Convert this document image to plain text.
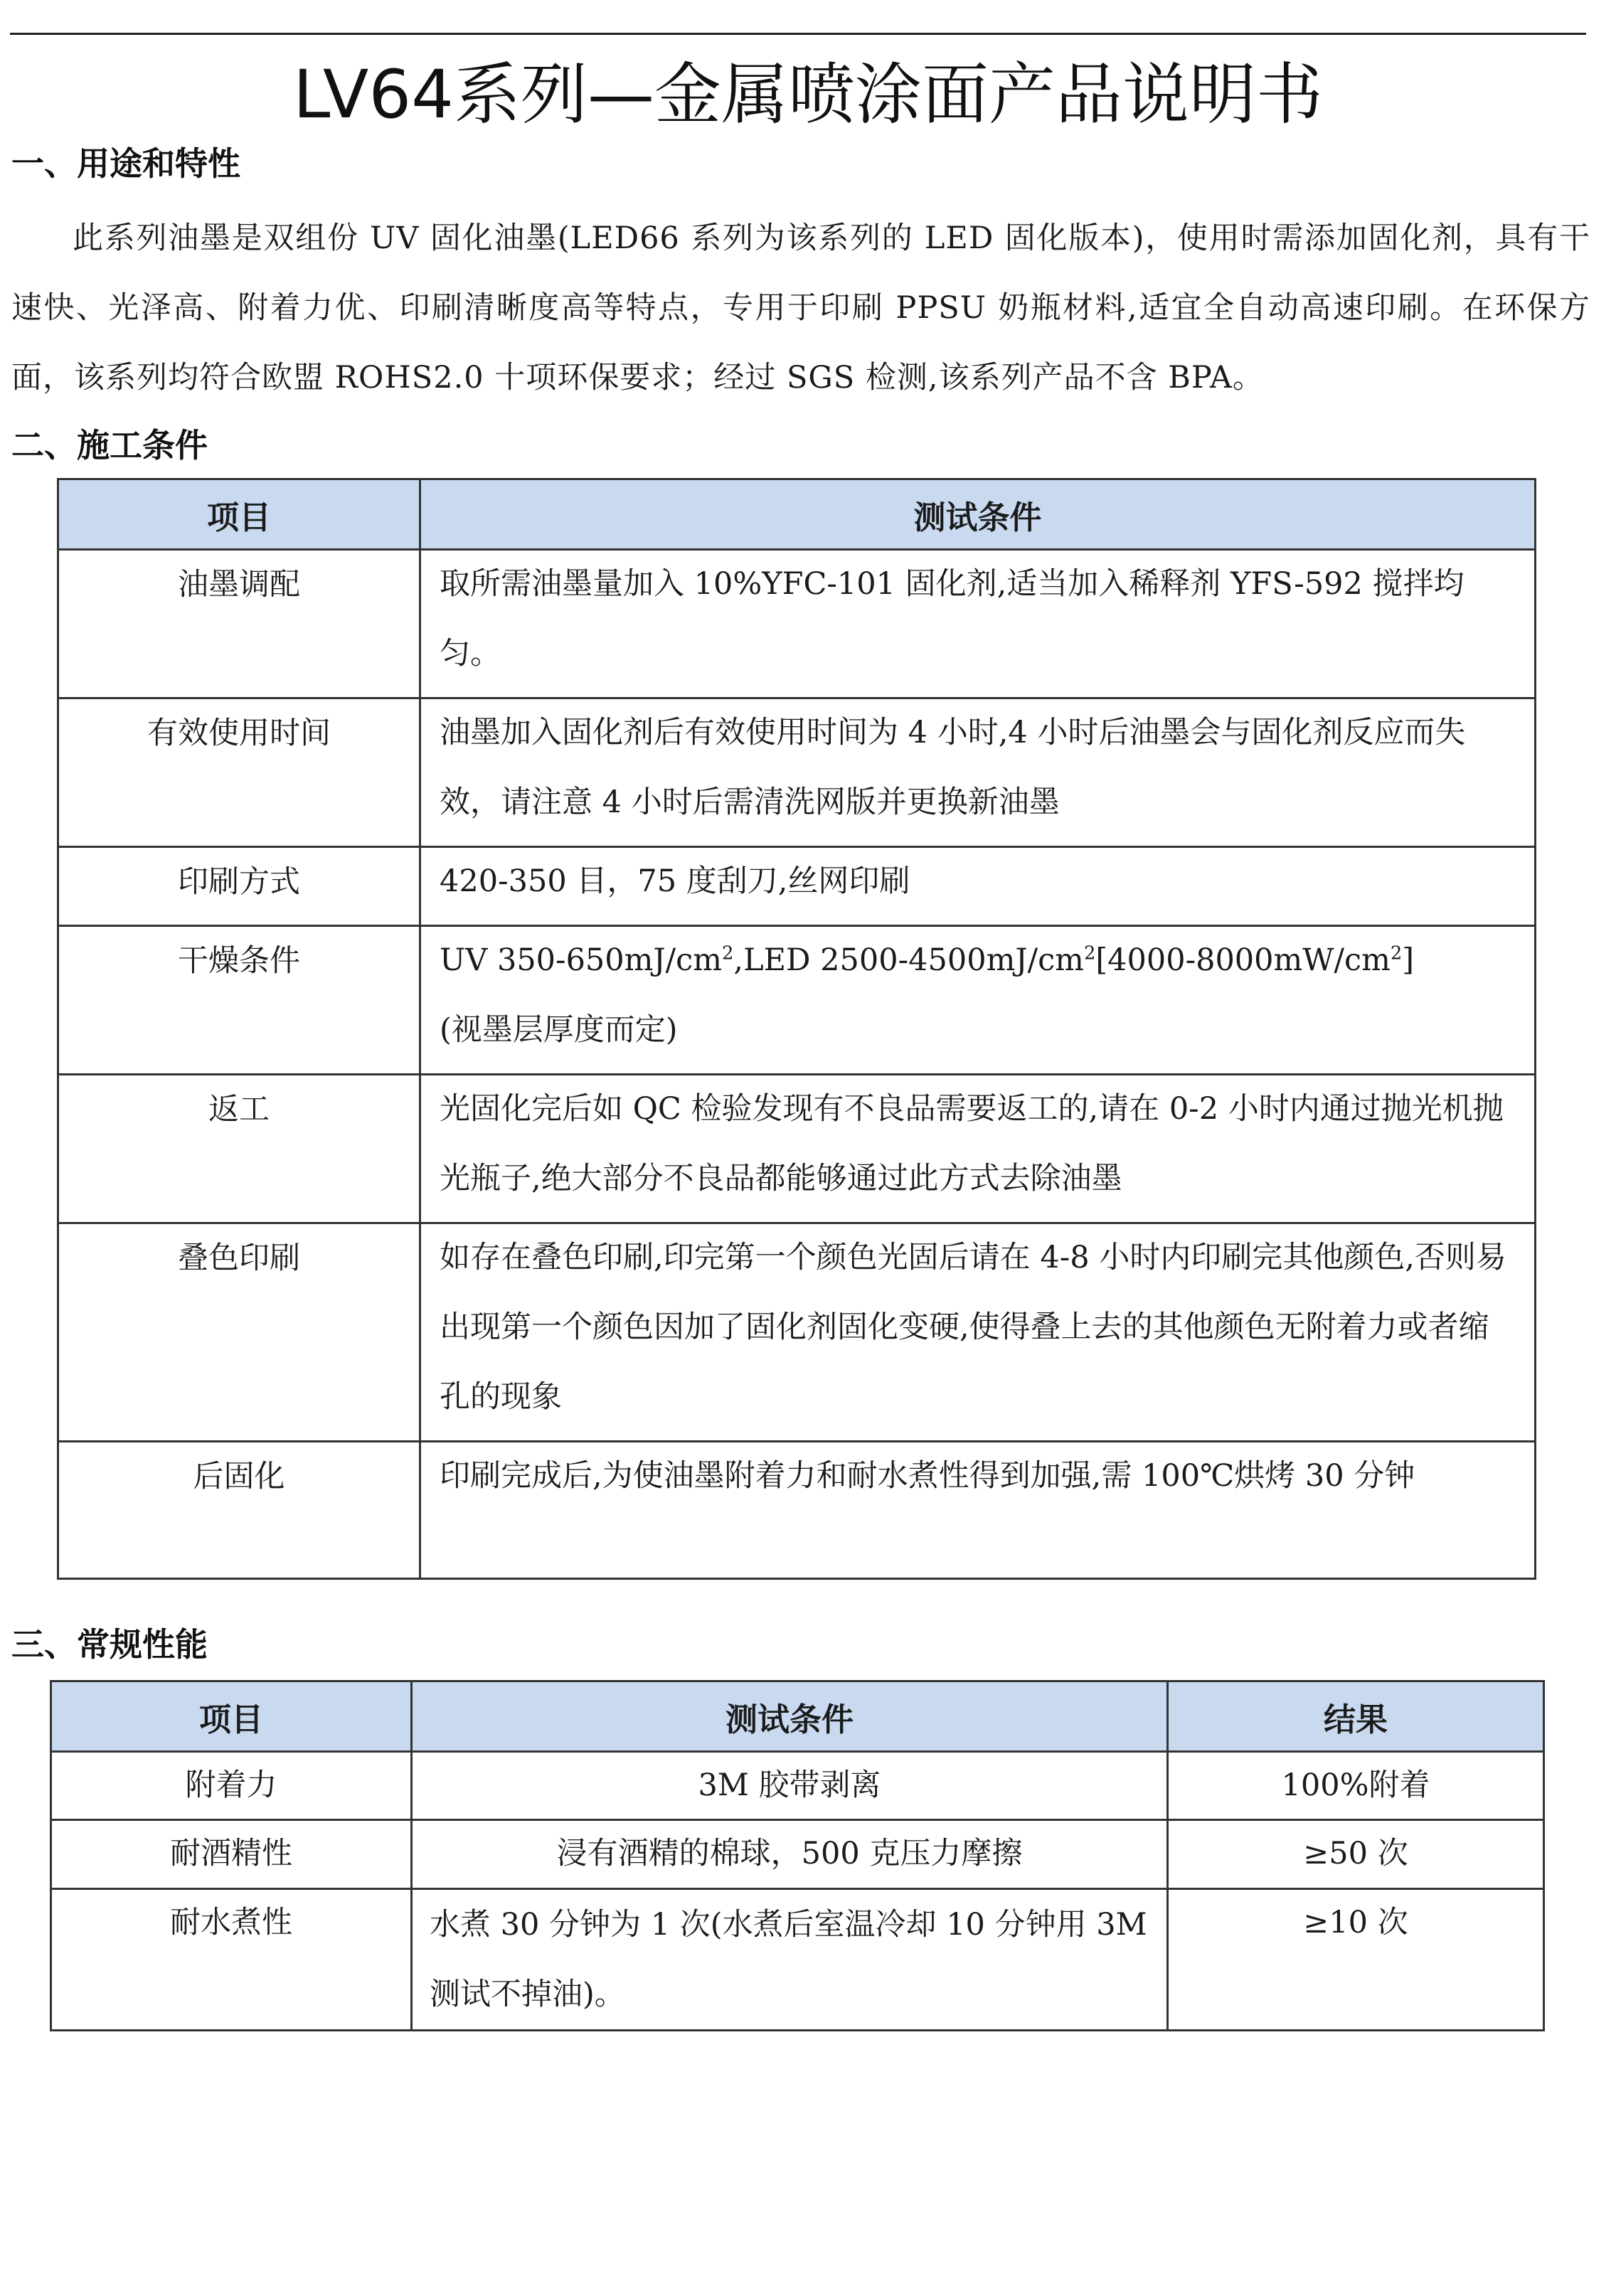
LV64系列—金属喷涂面产品说明书
一、用途和特性

此系列油墨是双组份 UV 固化油墨(LED66 系列为该系列的 LED 固化版本)，使用时需添加固化剂，具有干速快、光泽高、附着力优、印刷清晰度高等特点，专用于印刷 PPSU 奶瓶材料,适宜全自动高速印刷。在环保方面，该系列均符合欧盟 ROHS2.0 十项环保要求；经过 SGS 检测,该系列产品不含 BPA。

二、施工条件
项目	测试条件

油墨调配	取所需油墨量加入 10%YFC-101 固化剂,适当加入稀释剂 YFS-592 搅拌均匀。

有效使用时间	油墨加入固化剂后有效使用时间为 4 小时,4 小时后油墨会与固化剂反应而失效，请注意 4 小时后需清洗网版并更换新油墨

印刷方式	420-350 目，75 度刮刀,丝网印刷

干燥条件	UV $350-650mJ/cm^2,LED$ $2500-4500mJ/cm^2[4000-8000mW/cm^2]$
(视墨层厚度而定)

返工	光固化完后如 QC 检验发现有不良品需要返工的,请在 0-2 小时内通过抛光机抛光瓶子,绝大部分不良品都能够通过此方式去除油墨

叠色印刷	如存在叠色印刷,印完第一个颜色光固后请在 4-8 小时内印刷完其他颜色,否则易出现第一个颜色因加了固化剂固化变硬,使得叠上去的其他颜色无附着力或者缩孔的现象

后固化	印刷完成后,为使油墨附着力和耐水煮性得到加强,需 100℃烘烤 30 分钟
三、常规性能
项目	测试条件	结果
附着力	3M 胶带剥离	100%附着
耐酒精性	浸有酒精的棉球，500 克压力摩擦	≥50 次
耐水煮性	水煮 30 分钟为 1 次(水煮后室温冷却 10 分钟用 3M 测试不掉油)。	≥10 次
